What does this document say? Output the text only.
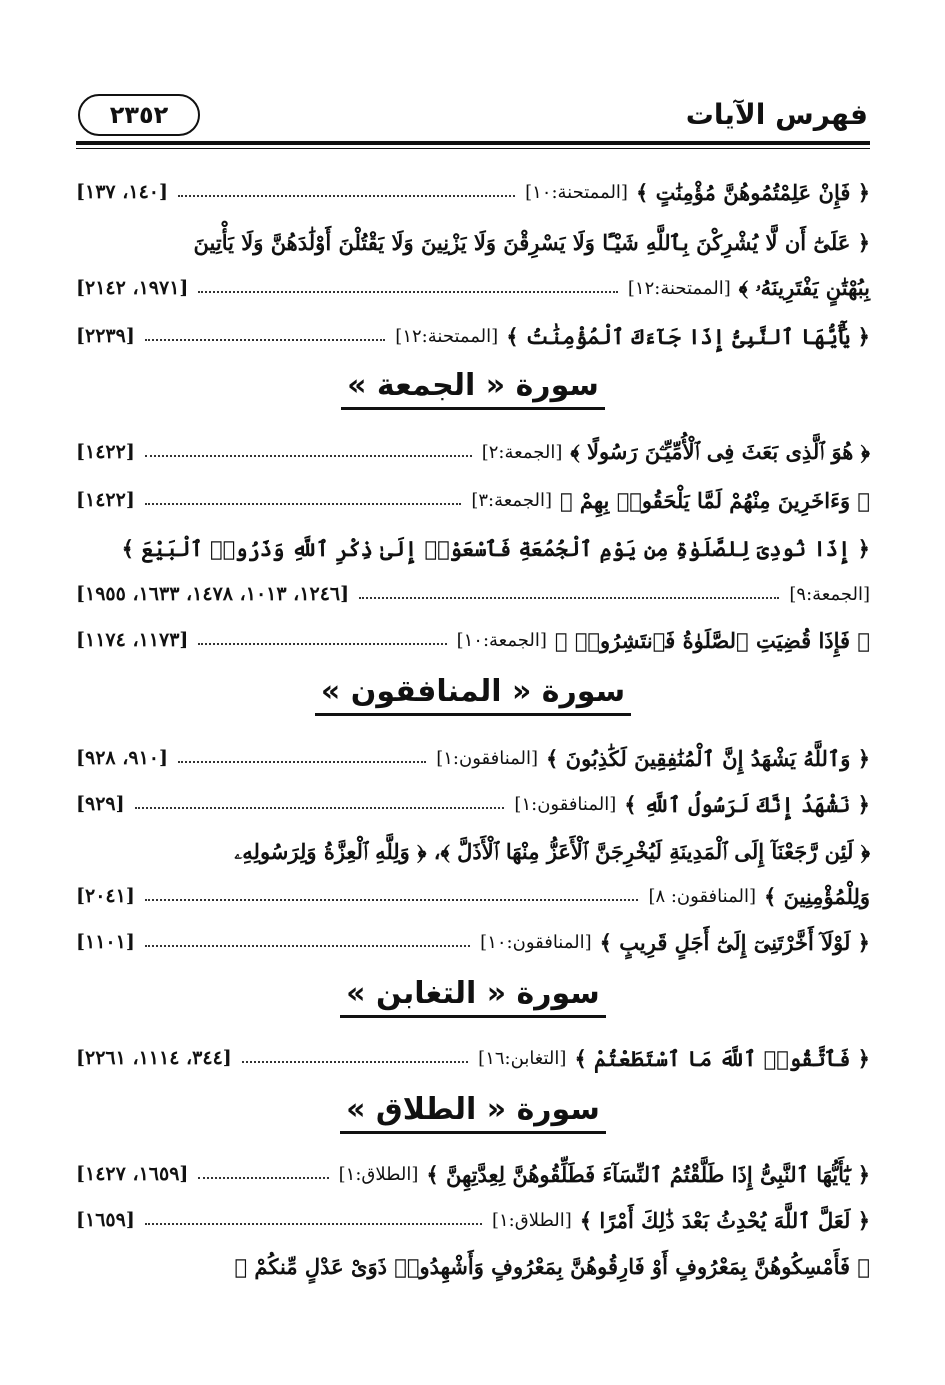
فهرس الآيات
٢٣٥٢
﴿ فَإِنْ عَلِمْتُمُوهُنَّ مُؤْمِنَٰتٍ ﴾
[الممتحنة:١٠]
[١٤٠، ١٣٧]
﴿ عَلَىٰٓ أَن لَّا يُشْرِكْنَ بِٱللَّهِ شَيْـًٔا وَلَا يَسْرِقْنَ وَلَا يَزْنِينَ وَلَا يَقْتُلْنَ أَوْلَٰدَهُنَّ وَلَا يَأْتِينَ
بِبُهْتَٰنٍ يَفْتَرِينَهُۥ ﴾
[الممتحنة:١٢]
[١٩٧١، ٢١٤٢]
﴿ يَٰٓأَيُّهَا ٱلنَّبِىُّ إِذَا جَآءَكَ ٱلْمُؤْمِنَٰتُ ﴾
[الممتحنة:١٢]
[٢٢٣٩]
سورة « الجمعة »
﴿ هُوَ ٱلَّذِى بَعَثَ فِى ٱلْأُمِّيِّـۧنَ رَسُولًا ﴾
[الجمعة:٢]
[١٤٢٢]
﴿ وَءَاخَرِينَ مِنْهُمْ لَمَّا يَلْحَقُوا۟ بِهِمْ ﴾
[الجمعة:٣]
[١٤٢٢]
﴿ إِذَا نُودِىَ لِلصَّلَوٰةِ مِن يَوْمِ ٱلْجُمُعَةِ فَٱسْعَوْا۟ إِلَىٰ ذِكْرِ ٱللَّهِ وَذَرُوا۟ ٱلْبَيْعَ ﴾
[الجمعة:٩]
[١٢٤٦، ١٠١٣، ١٤٧٨، ١٦٣٣، ١٩٥٥]
﴿ فَإِذَا قُضِيَتِ ٱلصَّلَوٰةُ فَٱنتَشِرُوا۟ ﴾
[الجمعة:١٠]
[١١٧٣، ١١٧٤]
سورة « المنافقون »
﴿ وَٱللَّهُ يَشْهَدُ إِنَّ ٱلْمُنَٰفِقِينَ لَكَٰذِبُونَ ﴾
[المنافقون:١]
[٩١٠، ٩٢٨]
﴿ نَشْهَدُ إِنَّكَ لَرَسُولُ ٱللَّهِ ﴾
[المنافقون:١]
[٩٢٩]
﴿ لَئِن رَّجَعْنَآ إِلَى ٱلْمَدِينَةِ لَيُخْرِجَنَّ ٱلْأَعَزُّ مِنْهَا ٱلْأَذَلَّ ﴾، ﴿ وَلِلَّهِ ٱلْعِزَّةُ وَلِرَسُولِهِۦ
وَلِلْمُؤْمِنِينَ ﴾
[المنافقون: ٨]
[٢٠٤١]
﴿ لَوْلَآ أَخَّرْتَنِىٓ إِلَىٰٓ أَجَلٍ قَرِيبٍ ﴾
[المنافقون:١٠]
[١١٠١]
سورة « التغابن »
﴿ فَٱتَّقُوا۟ ٱللَّهَ مَا ٱسْتَطَعْتُمْ ﴾
[التغابن:١٦]
[٣٤٤، ١١١٤، ٢٢٦١]
سورة « الطلاق »
﴿ يَٰٓأَيُّهَا ٱلنَّبِىُّ إِذَا طَلَّقْتُمُ ٱلنِّسَآءَ فَطَلِّقُوهُنَّ لِعِدَّتِهِنَّ ﴾
[الطلاق:١]
[١٦٥٩، ١٤٢٧]
﴿ لَعَلَّ ٱللَّهَ يُحْدِثُ بَعْدَ ذَٰلِكَ أَمْرًا ﴾
[الطلاق:١]
[١٦٥٩]
﴿ فَأَمْسِكُوهُنَّ بِمَعْرُوفٍ أَوْ فَارِقُوهُنَّ بِمَعْرُوفٍ وَأَشْهِدُوا۟ ذَوَىْ عَدْلٍ مِّنكُمْ ﴾
